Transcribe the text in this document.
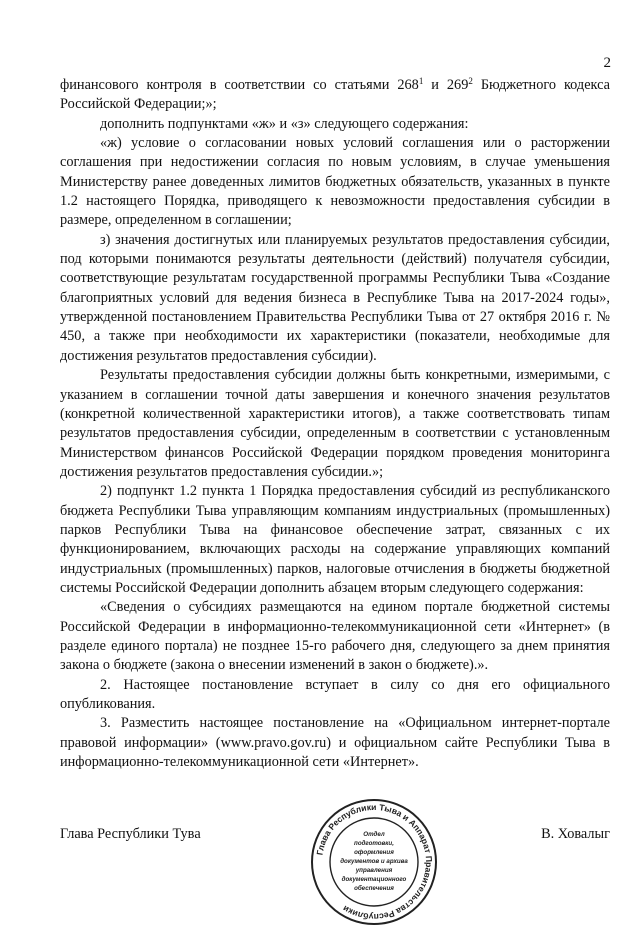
2

финансового контроля в соответствии со статьями $268^1$ и $269^2$ Бюджетного кодекса Российской Федерации;»;

дополнить подпунктами «ж» и «з» следующего содержания:

«ж) условие о согласовании новых условий соглашения или о расторжении соглашения при недостижении согласия по новым условиям, в случае уменьшения Министерству ранее доведенных лимитов бюджетных обязательств, указанных в пункте 1.2 настоящего Порядка, приводящего к невозможности предоставления субсидии в размере, определенном в соглашении;

з) значения достигнутых или планируемых результатов предоставления субсидии, под которыми понимаются результаты деятельности (действий) получателя субсидии, соответствующие результатам государственной программы Республики Тыва «Создание благоприятных условий для ведения бизнеса в Республике Тыва на 2017-2024 годы», утвержденной постановлением Правительства Республики Тыва от 27 октября 2016 г. № 450, а также при необходимости их характеристики (показатели, необходимые для достижения результатов предоставления субсидии).

Результаты предоставления субсидии должны быть конкретными, измеримыми, с указанием в соглашении точной даты завершения и конечного значения результатов (конкретной количественной характеристики итогов), а также соответствовать типам результатов предоставления субсидии, определенным в соответствии с установленным Министерством финансов Российской Федерации порядком проведения мониторинга достижения результатов предоставления субсидии.»;

2) подпункт 1.2 пункта 1 Порядка предоставления субсидий из республиканского бюджета Республики Тыва управляющим компаниям индустриальных (промышленных) парков Республики Тыва на финансовое обеспечение затрат, связанных с их функционированием, включающих расходы на содержание управляющих компаний индустриальных (промышленных) парков, налоговые отчисления в бюджеты бюджетной системы Российской Федерации дополнить абзацем вторым следующего содержания:

«Сведения о субсидиях размещаются на едином портале бюджетной системы Российской Федерации в информационно-телекоммуникационной сети «Интернет» (в разделе единого портала) не позднее 15-го рабочего дня, следующего за днем принятия закона о бюджете (закона о внесении изменений в закон о бюджете).».

2. Настоящее постановление вступает в силу со дня его официального опубликования.

3. Разместить настоящее постановление на «Официальном интернет-портале правовой информации» (www.pravo.gov.ru) и официальном сайте Республики Тыва в информационно-телекоммуникационной сети «Интернет».

Глава Республики Тувa	В. Ховалыг
Глава Республики Тыва и Аппарат Правительства Республики
Отдел
подготовки,
оформления
документов и архива
управления
документационного
обеспечения
